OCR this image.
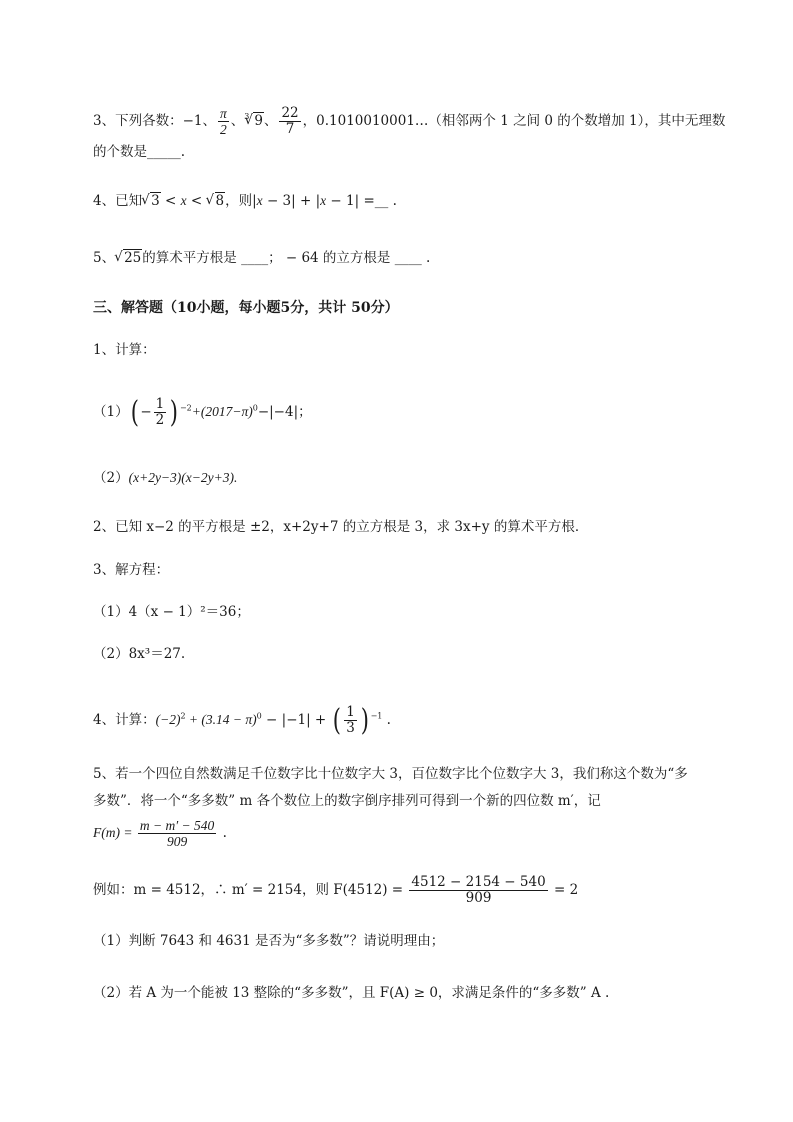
3、下列各数：−1、 $\frac{\pi}{2}$ 、$^3$ √ 9、 $\frac{22}{7}$ ，0.1010010001…（相邻两个 1 之间 0 的个数增加 1），其中无理数
的个数是_____.
4、已知 √ 3 < x < √ 8，则|x − 3| + |x − 1| =__ .
5、 √ 25的算术平方根是 ____； − 64 的立方根是 ____ .
三、解答题（10小题，每小题5分，共计 50分）
1、计算：
$(1)( - \frac{1}{2}$ ) $^{-2}+(2017-\pi)^0-|-4|$；
（2）(x+2y−3)(x−2y+3).
2、已知 x−2 的平方根是 ±2，x+2y+7 的立方根是 3，求 3x+y 的算术平方根．
3、解方程：
（1）4（x − 1）²＝36；
（2）8x³＝27.
4、计算：$(-2)^2 + (3.14 - \pi)^0 - |-1|$ + ( $\frac{1}{3}$ ) $^{-1}$ .
5、若一个四位自然数满足千位数字比十位数字大 3，百位数字比个位数字大 3，我们称这个数为“多
多数”．将一个“多多数” m 各个数位上的数字倒序排列可得到一个新的四位数 m′，记
$F(m) = \frac{m - m' - 540}{909}$ .
例如：m = 4512，∴ m′ = 2154，则 $F(4512) = \frac{4512 - 2154 - 540}{909} = 2$
（1）判断 7643 和 4631 是否为“多多数”？请说明理由；
（2）若 A 为一个能被 13 整除的“多多数”，且 F(A) ≥ 0，求满足条件的“多多数” A .
